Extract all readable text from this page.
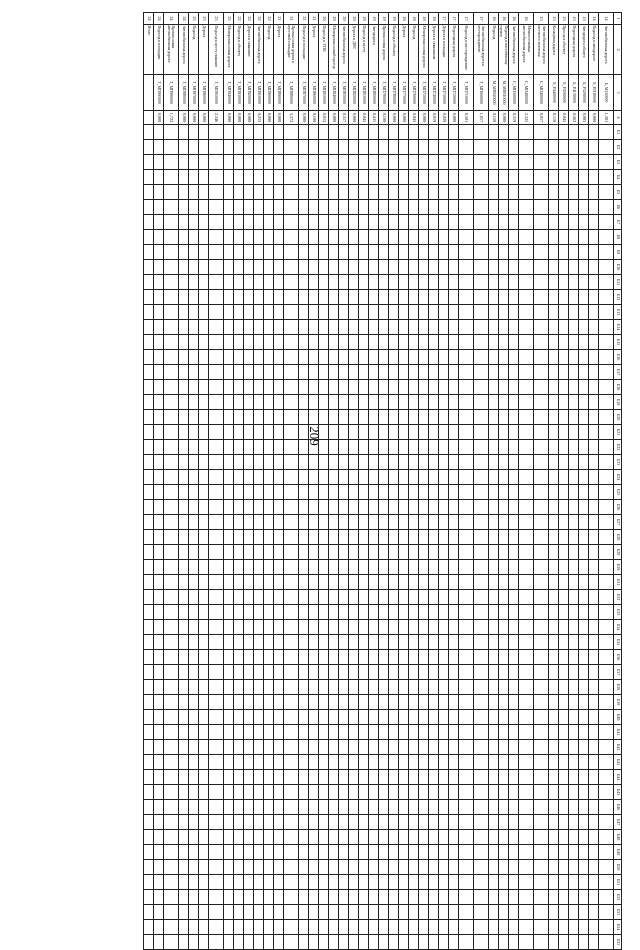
209
1	2	3	4	Б1	Б2	Б3	Б4	Б5	Б6	Б7	Б8	Б9	Б10	Б11	Б12	Б13	Б14	Б15	Б16	Б17	Б18	Б19	Б20	Б21	Б22	Б23	Б24	Б25	Б26	Б27	Б28	Б29	Б30	Б31	Б32	Б33	Б34	Б35	Б36	Б37	Б38	Б39	Б40	Б41	Б42	Б43	Б44	Б45	Б46	Б47	Б48	Б49	Б50	Б51	Б52	Б53	Б54	Б55
14	Автомобильная дорога	Б_М150000	1,381																																																							
14	Подъезд к автодороге	Б_Р2180000	0,000																																																							
15	Автодорога общего	Б_Р3290000	0,003																																																							
15	Подъездная дорога	Б_Р4130000	0,562																																																							
15	Проезд к объекту	Б_Р4300000	0,045																																																							
15	Кольцевая дорога	Б_Р4400000	0,110																																																							
15	Автомобильная дорога местного значения	С_МП400000	0,917																																																							
16	Межпоселковая автомобильная дорога	С_МП490000	2,325																																																							
16	Автомобильная дорога	С_МП500000	0,319																																																							
16	Подъезд к населённому пункту	М_МП610000	0,000																																																							
16	Подъезд	М_МП620000	0,150																																																							
17	Автомобильная дорога к месторождению	Т_МП000000	1,017																																																							
17	Подъезд к месторождению	Т_МП710000	0,301																																																							
17	Подъездная дорога	Т_МП720000	0,000																																																							
17	Дорога к площадке	Т_МП730000	0,029																																																							
18	Дорога к скважинам	Т_МП740000	0,019																																																							
18	Межпромысловая дорога	Т_МП750000	0,000																																																							
18	Подъезд	Т_МП760000	0,045																																																							
18	Дорога	Т_МП770000	0,000																																																							
19	Подъезд к объекту	Т_МП780000	0,000																																																							
19	Промысловая дорога	Т_МП790000	0,100																																																							
19	Автодорога	Т_МП800000	0,411																																																							
19	Подъезд к кусту	Т_МП810000	0,045																																																							
20	Дорога к ДНС	Т_МП820000	0,000																																																							
20	Автомобильная дорога	Т_МП830000	0,317																																																							
20	Межпромысловый проезд	Т_МП840000	0,000																																																							
20	Подъезд к УПН	Т_МП850000	0,012																																																							
21	Дорога	Т_МП860000	0,100																																																							
21	Подъезд к площадке	Т_МП870000	0,000																																																							
21	Промысловая дорога к кустовой площадке	Т_МП880000	3,372																																																							
21	Дорога	Т_МП890000	0,000																																																							
22	Подъезд	Т_МП900000	0,000																																																							
22	Автомобильная дорога	Т_МП910000	0,215																																																							
22	Дорога к скважине	Т_МП920000	0,000																																																							
22	Подъезд к объекту	Т_МП930000	0,000																																																							
23	Межпромысловая дорога	Т_МП940000	0,000																																																							
23	Подъезд к кусту скважин	Т_МП950000	2,346																																																							
23	Дорога	Т_МП960000	0,000																																																							
23	Подъезд	Т_МП970000	0,000																																																							
24	Автомобильная дорога	Т_МП980000	0,000																																																							
24	Промысловая автомобильная дорога	Т_МП990000	1,722																																																							
24	Подъезд к площадке	Т_МП995000	0,000																																																							
24	Итого																																																									
